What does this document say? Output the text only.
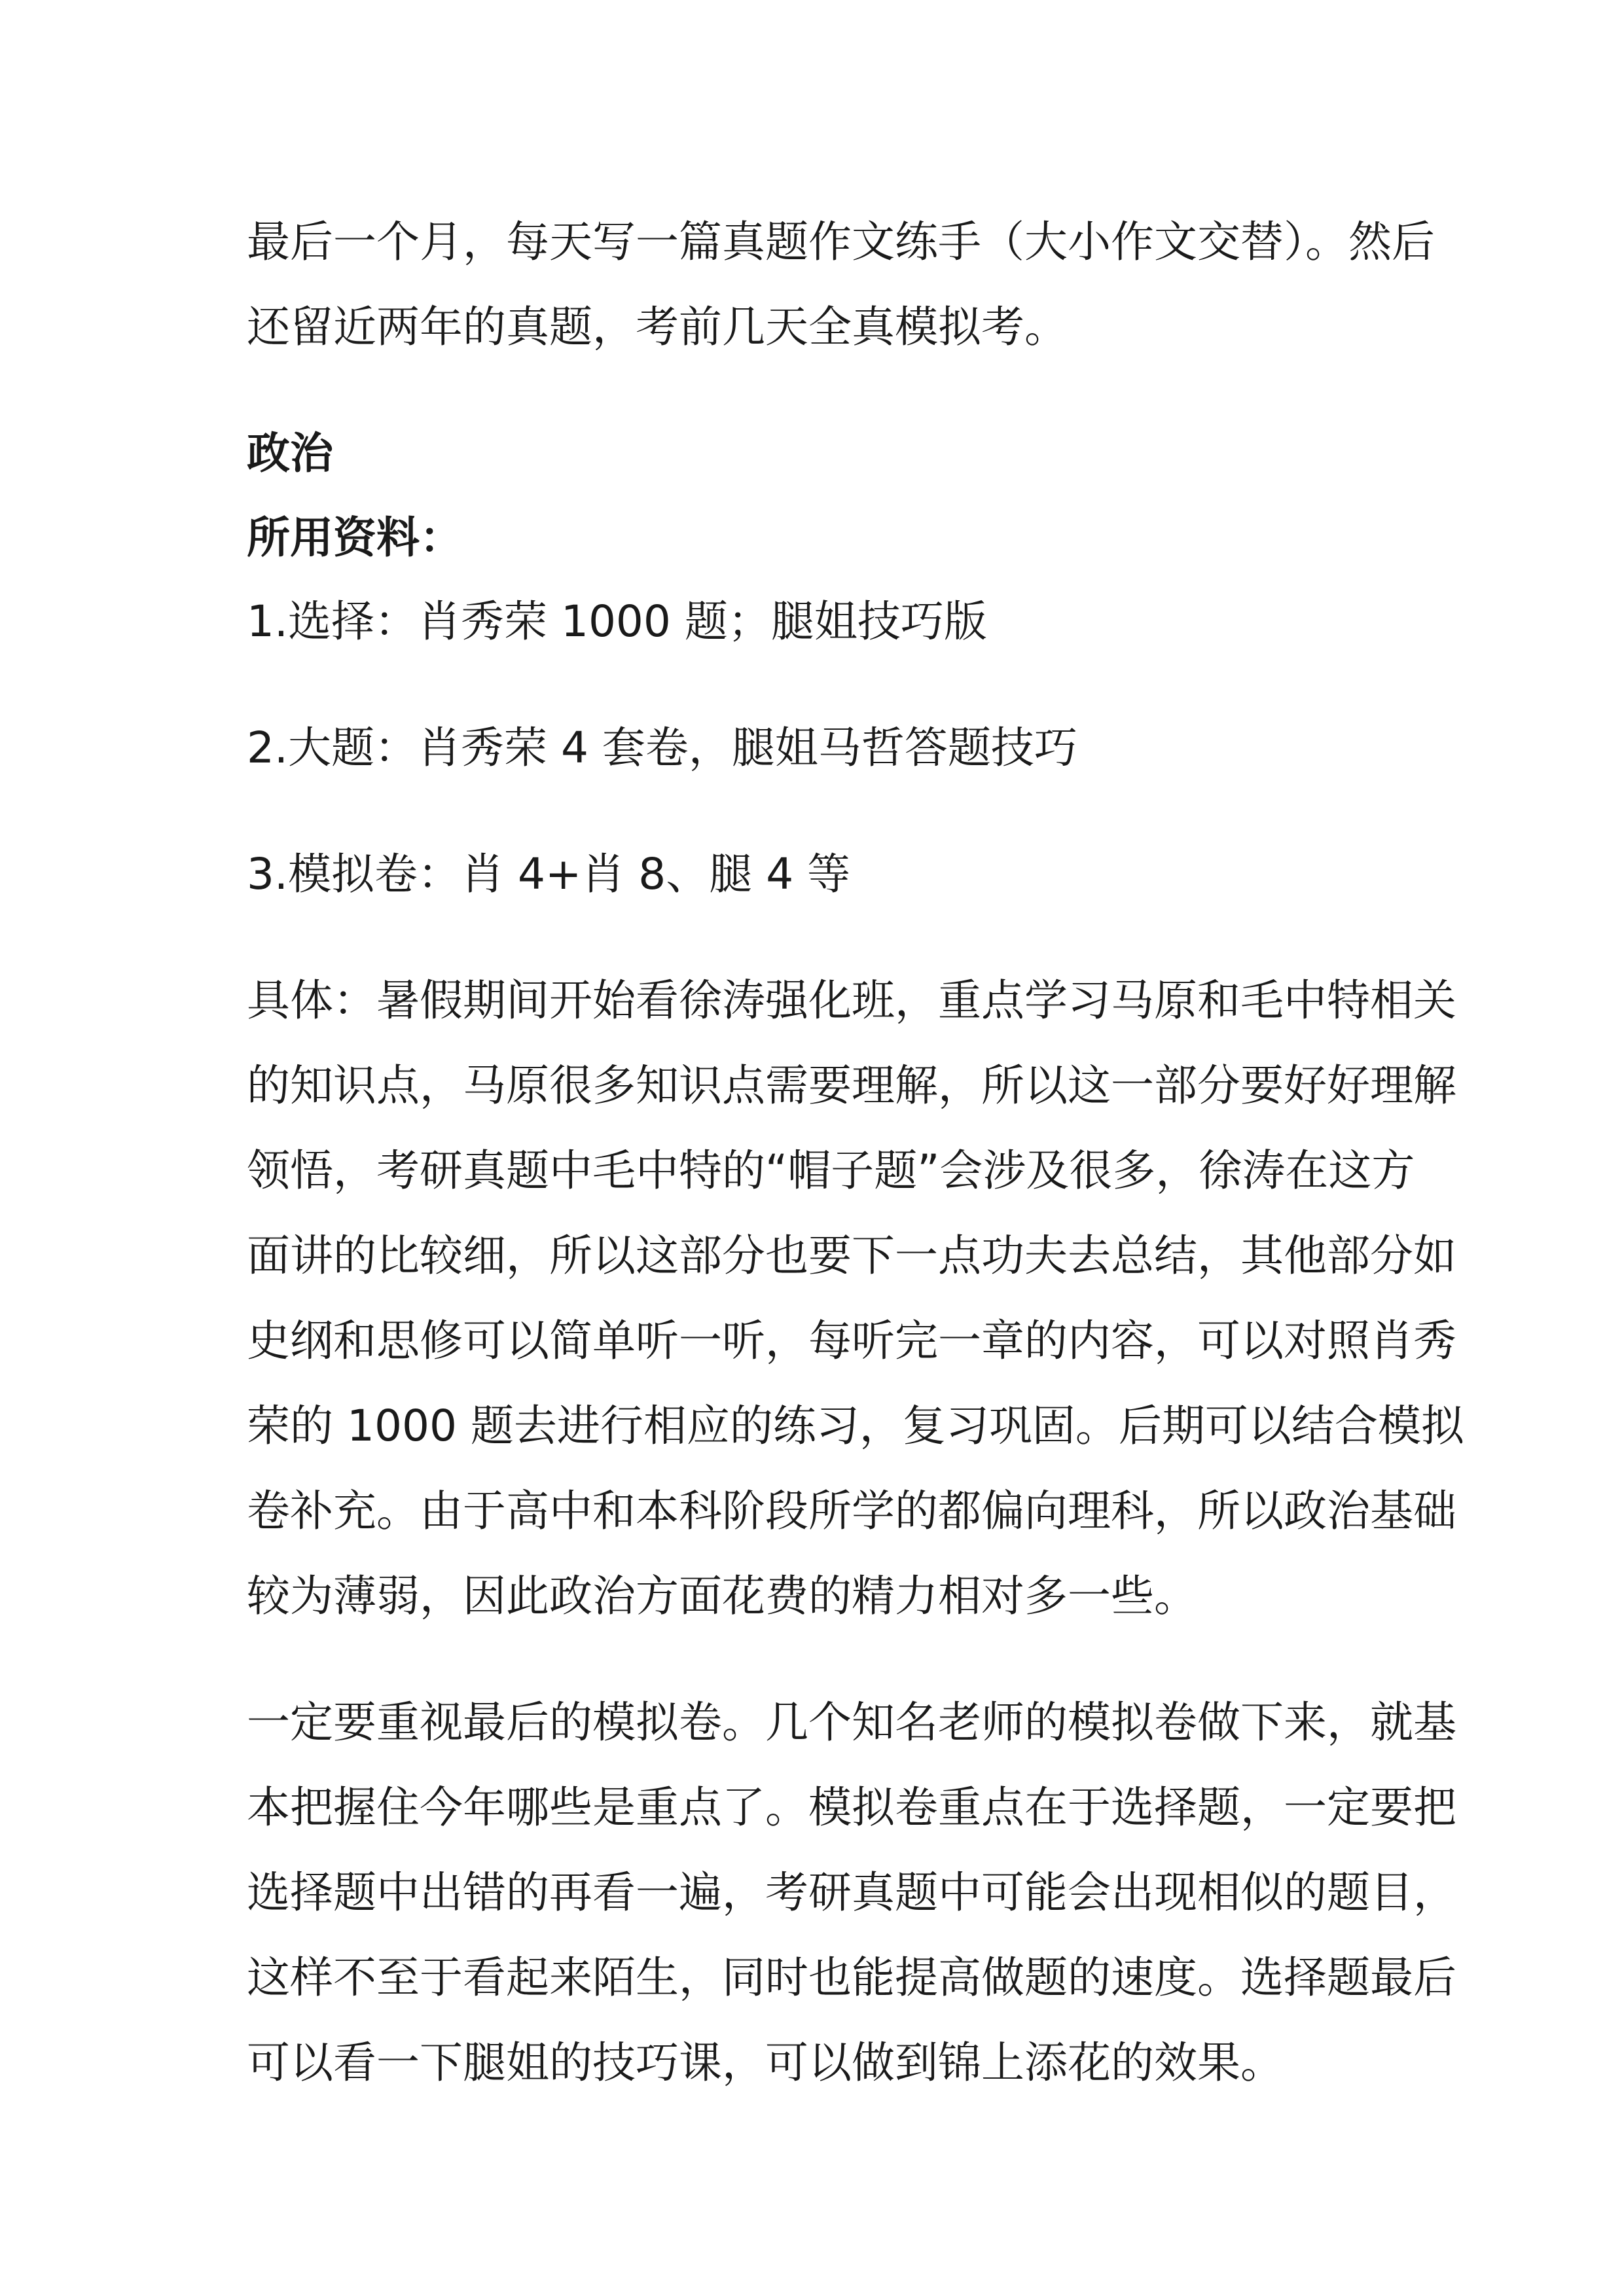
最后一个月，每天写一篇真题作文练手（大小作文交替）。然后

还留近两年的真题，考前几天全真模拟考。

政治

所用资料：

1.选择：肖秀荣 1000 题；腿姐技巧版

2.大题：肖秀荣 4 套卷，腿姐马哲答题技巧

3.模拟卷：肖 4+肖 8、腿 4 等

具体：暑假期间开始看徐涛强化班，重点学习马原和毛中特相关

的知识点，马原很多知识点需要理解，所以这一部分要好好理解

领悟，考研真题中毛中特的“帽子题”会涉及很多，徐涛在这方

面讲的比较细，所以这部分也要下一点功夫去总结，其他部分如

史纲和思修可以简单听一听，每听完一章的内容，可以对照肖秀

荣的 1000 题去进行相应的练习，复习巩固。后期可以结合模拟

卷补充。由于高中和本科阶段所学的都偏向理科，所以政治基础

较为薄弱，因此政治方面花费的精力相对多一些。

一定要重视最后的模拟卷。几个知名老师的模拟卷做下来，就基

本把握住今年哪些是重点了。模拟卷重点在于选择题，一定要把

选择题中出错的再看一遍，考研真题中可能会出现相似的题目，

这样不至于看起来陌生，同时也能提高做题的速度。选择题最后

可以看一下腿姐的技巧课，可以做到锦上添花的效果。
